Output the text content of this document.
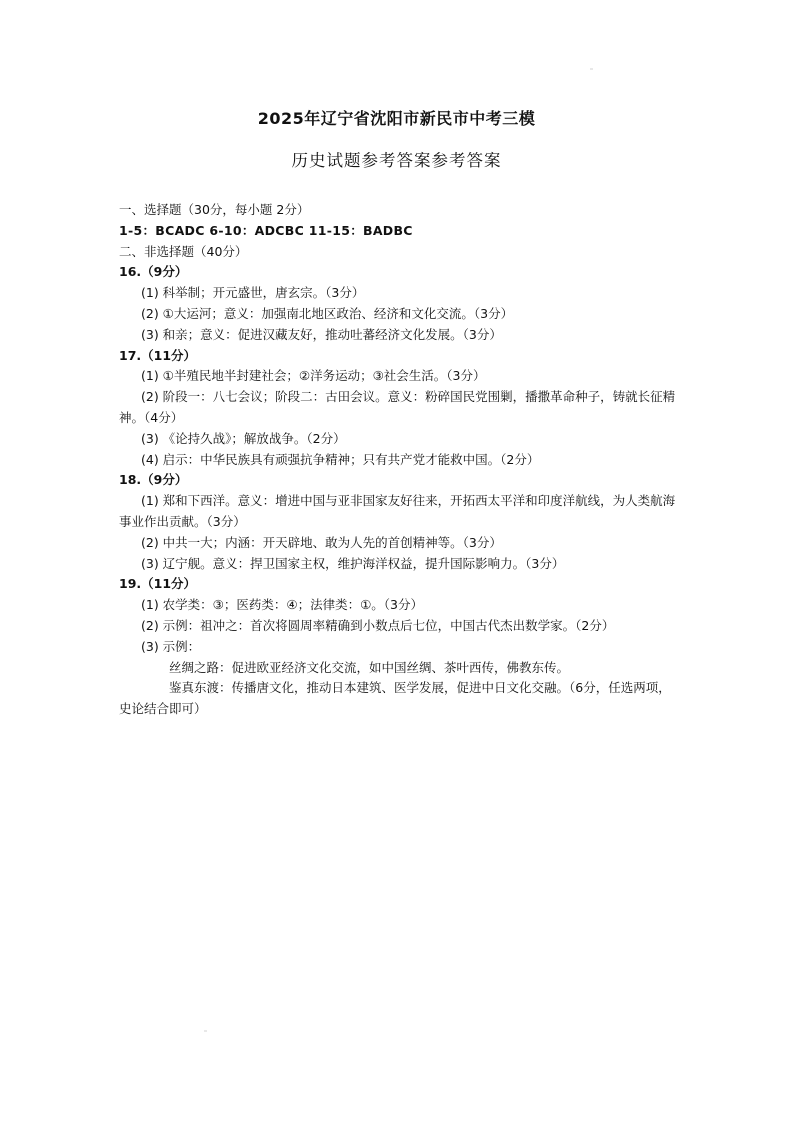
2025年辽宁省沈阳市新民市中考三模
历史试题参考答案参考答案
一、选择题（30分，每小题 2分）
1-5：BCADC 6-10：ADCBC 11-15：BADBC
二、非选择题（40分）
16.（9分）
(1) 科举制；开元盛世，唐玄宗。（3分）
(2) ①大运河；意义：加强南北地区政治、经济和文化交流。（3分）
(3) 和亲；意义：促进汉藏友好，推动吐蕃经济文化发展。（3分）
17.（11分）
(1) ①半殖民地半封建社会；②洋务运动；③社会生活。（3分）
(2) 阶段一：八七会议；阶段二：古田会议。意义：粉碎国民党围剿，播撒革命种子，铸就长征精神。（4分）
(3) 《论持久战》；解放战争。（2分）
(4) 启示：中华民族具有顽强抗争精神；只有共产党才能救中国。（2分）
18.（9分）
(1) 郑和下西洋。意义：增进中国与亚非国家友好往来，开拓西太平洋和印度洋航线，为人类航海事业作出贡献。（3分）
(2) 中共一大；内涵：开天辟地、敢为人先的首创精神等。（3分）
(3) 辽宁舰。意义：捍卫国家主权，维护海洋权益，提升国际影响力。（3分）
19.（11分）
(1) 农学类：③；医药类：④；法律类：①。（3分）
(2) 示例：祖冲之：首次将圆周率精确到小数点后七位，中国古代杰出数学家。（2分）
(3) 示例：
丝绸之路：促进欧亚经济文化交流，如中国丝绸、茶叶西传，佛教东传。
鉴真东渡：传播唐文化，推动日本建筑、医学发展，促进中日文化交融。（6分，任选两项，史论结合即可）
